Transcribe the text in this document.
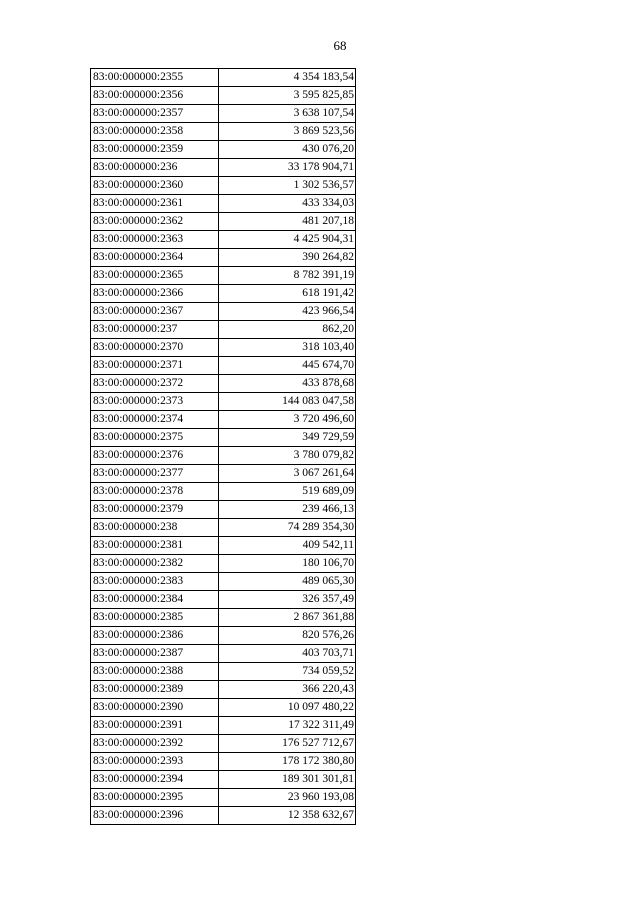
68
83:00:000000:2355	4 354 183,54
83:00:000000:2356	3 595 825,85
83:00:000000:2357	3 638 107,54
83:00:000000:2358	3 869 523,56
83:00:000000:2359	430 076,20
83:00:000000:236	33 178 904,71
83:00:000000:2360	1 302 536,57
83:00:000000:2361	433 334,03
83:00:000000:2362	481 207,18
83:00:000000:2363	4 425 904,31
83:00:000000:2364	390 264,82
83:00:000000:2365	8 782 391,19
83:00:000000:2366	618 191,42
83:00:000000:2367	423 966,54
83:00:000000:237	862,20
83:00:000000:2370	318 103,40
83:00:000000:2371	445 674,70
83:00:000000:2372	433 878,68
83:00:000000:2373	144 083 047,58
83:00:000000:2374	3 720 496,60
83:00:000000:2375	349 729,59
83:00:000000:2376	3 780 079,82
83:00:000000:2377	3 067 261,64
83:00:000000:2378	519 689,09
83:00:000000:2379	239 466,13
83:00:000000:238	74 289 354,30
83:00:000000:2381	409 542,11
83:00:000000:2382	180 106,70
83:00:000000:2383	489 065,30
83:00:000000:2384	326 357,49
83:00:000000:2385	2 867 361,88
83:00:000000:2386	820 576,26
83:00:000000:2387	403 703,71
83:00:000000:2388	734 059,52
83:00:000000:2389	366 220,43
83:00:000000:2390	10 097 480,22
83:00:000000:2391	17 322 311,49
83:00:000000:2392	176 527 712,67
83:00:000000:2393	178 172 380,80
83:00:000000:2394	189 301 301,81
83:00:000000:2395	23 960 193,08
83:00:000000:2396	12 358 632,67
